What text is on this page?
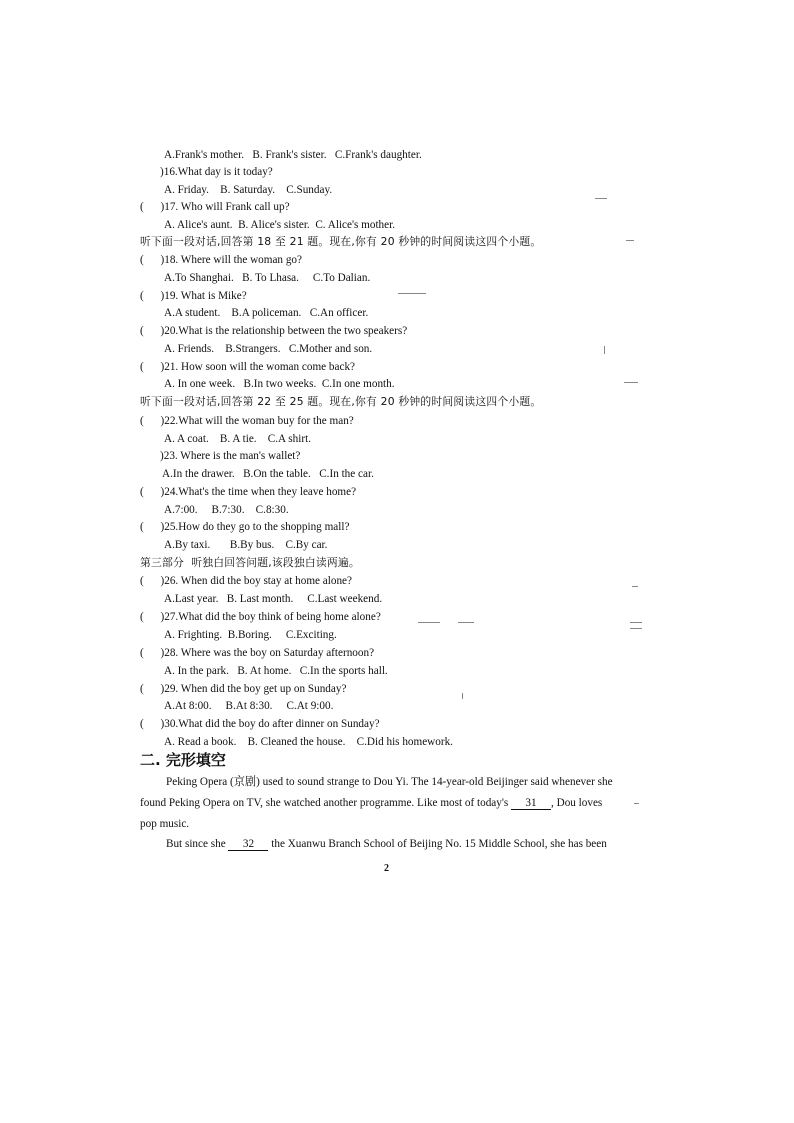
A.Frank's mother.   B. Frank's sister.   C.Frank's daughter.
)16.What day is it today?
A. Friday.    B. Saturday.    C.Sunday.
(      )17. Who will Frank call up?
A. Alice's aunt.  B. Alice's sister.  C. Alice's mother.
听下面一段对话,回答第 18 至 21 题。现在,你有 20 秒钟的时间阅读这四个小题。
(      )18. Where will the woman go?
A.To Shanghai.   B. To Lhasa.     C.To Dalian.
(      )19. What is Mike?
A.A student.    B.A policeman.   C.An officer.
(      )20.What is the relationship between the two speakers?
A. Friends.    B.Strangers.   C.Mother and son.
(      )21. How soon will the woman come back?
A. In one week.   B.In two weeks.  C.In one month.
听下面一段对话,回答第 22 至 25 题。现在,你有 20 秒钟的时间阅读这四个小题。
(      )22.What will the woman buy for the man?
A. A coat.    B. A tie.    C.A shirt.
)23. Where is the man's wallet?
A.In the drawer.   B.On the table.   C.In the car.
(      )24.What's the time when they leave home?
A.7:00.     B.7:30.    C.8:30.
(      )25.How do they go to the shopping mall?
A.By taxi.       B.By bus.    C.By car.
第三部分  听独白回答问题,该段独白读两遍。
(      )26. When did the boy stay at home alone?
A.Last year.   B. Last month.     C.Last weekend.
(      )27.What did the boy think of being home alone?
A. Frighting.  B.Boring.     C.Exciting.
(      )28. Where was the boy on Saturday afternoon?
A. In the park.   B. At home.   C.In the sports hall.
(      )29. When did the boy get up on Sunday?
A.At 8:00.     B.At 8:30.     C.At 9:00.
(      )30.What did the boy do after dinner on Sunday?
A. Read a book.    B. Cleaned the house.    C.Did his homework.
二. 完形填空
Peking Opera (京剧) used to sound strange to Dou Yi. The 14-year-old Beijinger said whenever she
found Peking Opera on TV, she watched another programme. Like most of today's 31 , Dou loves
pop music.
But since she 32 the Xuanwu Branch School of Beijing No. 15 Middle School, she has been
2
